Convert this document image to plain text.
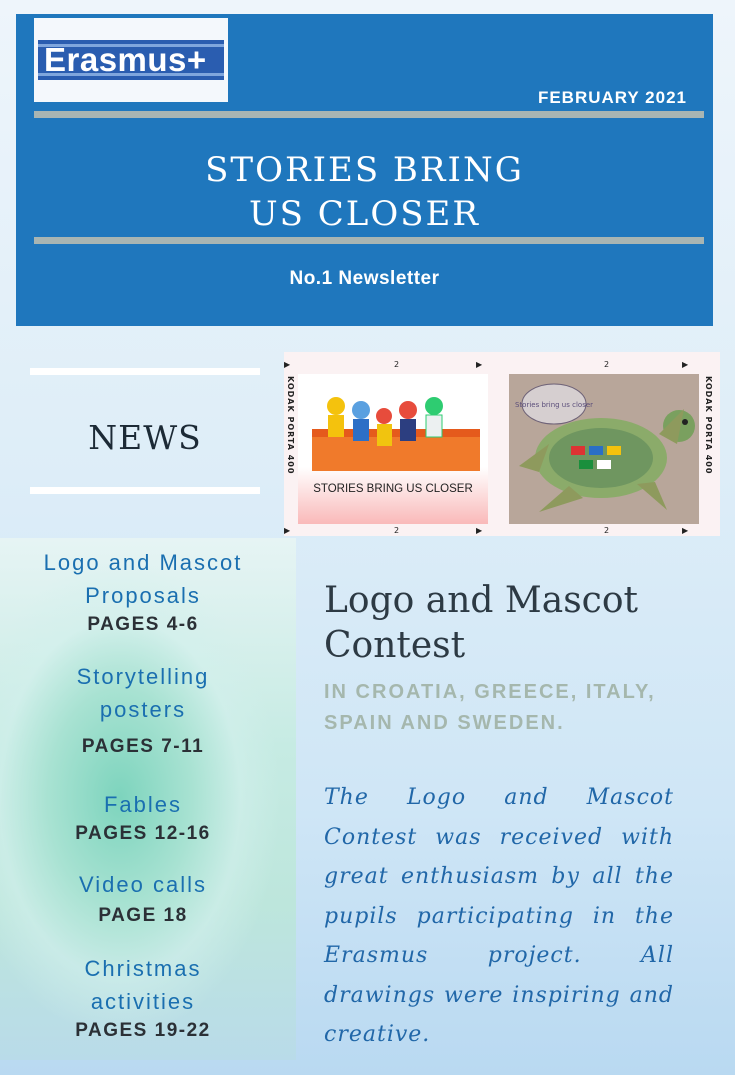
Erasmus+
FEBRUARY 2021
STORIES BRING
US CLOSER
No.1 Newsletter
NEWS
▶	2	▶	2	▶
KODAK PORTA 400
STORIES BRING US CLOSER
Stories bring us closer	KODAK PORTA 400
▶	2	▶	2	▶
Logo and Mascot Proposals
PAGES 4-6
Storytelling posters
PAGES 7-11
Fables
PAGES 12-16
Video calls
PAGE 18
Christmas activities
PAGES 19-22
Logo and Mascot Contest
IN CROATIA, GREECE, ITALY, SPAIN AND SWEDEN.
The Logo and Mascot Contest was received with great enthusiasm by all the pupils participating in the Erasmus project. All drawings were inspiring and creative.
